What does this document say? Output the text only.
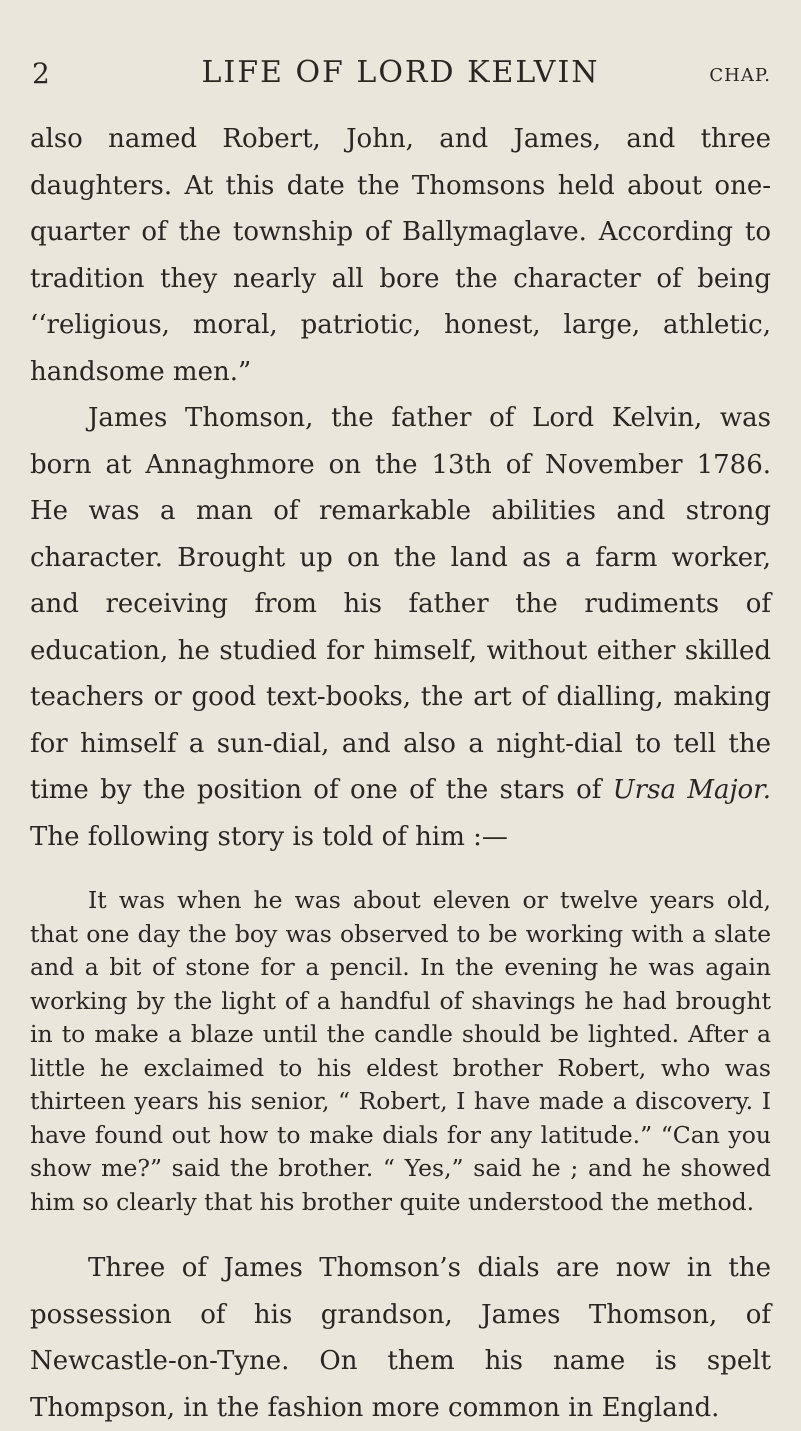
2	LIFE OF LORD KELVIN	CHAP.

also named Robert, John, and James, and three daughters. At this date the Thomsons held about one-quarter of the township of Ballymaglave. According to tradition they nearly all bore the character of being ‘‘religious, moral, patriotic, honest, large, athletic, handsome men.”

James Thomson, the father of Lord Kelvin, was born at Annaghmore on the 13th of November 1786. He was a man of remarkable abilities and strong character. Brought up on the land as a farm worker, and receiving from his father the rudiments of education, he studied for himself, without either skilled teachers or good text-books, the art of dialling, making for himself a sun-dial, and also a night-dial to tell the time by the position of one of the stars of Ursa Major. The following story is told of him :—

It was when he was about eleven or twelve years old, that one day the boy was observed to be working with a slate and a bit of stone for a pencil. In the evening he was again working by the light of a handful of shavings he had brought in to make a blaze until the candle should be lighted. After a little he exclaimed to his eldest brother Robert, who was thirteen years his senior, “ Robert, I have made a discovery. I have found out how to make dials for any latitude.” “Can you show me?” said the brother. “ Yes,” said he ; and he showed him so clearly that his brother quite understood the method.

Three of James Thomson’s dials are now in the possession of his grandson, James Thomson, of Newcastle-on-Tyne. On them his name is spelt Thompson, in the fashion more common in England.
